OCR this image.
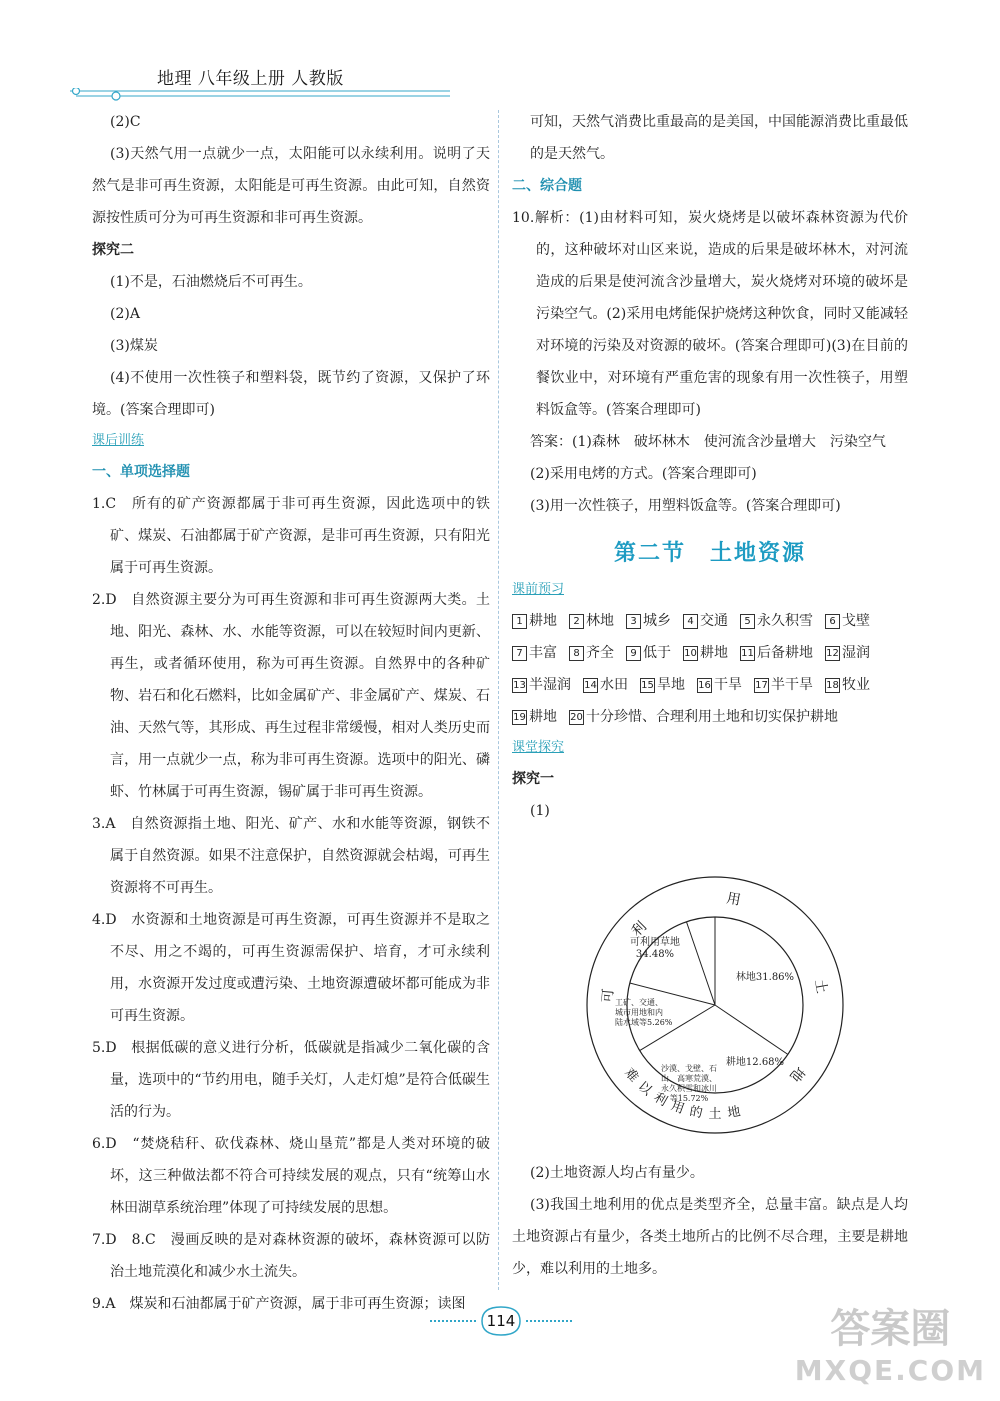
地理 八年级上册 人教版

(2)C

(3)天然气用一点就少一点，太阳能可以永续利用。说明了天然气是非可再生资源，太阳能是可再生资源。由此可知，自然资源按性质可分为可再生资源和非可再生资源。

探究二

(1)不是，石油燃烧后不可再生。

(2)A

(3)煤炭

(4)不使用一次性筷子和塑料袋，既节约了资源，又保护了环境。(答案合理即可)

课后训练
一、单项选择题

1.C　所有的矿产资源都属于非可再生资源，因此选项中的铁矿、煤炭、石油都属于矿产资源，是非可再生资源，只有阳光属于可再生资源。

2.D　自然资源主要分为可再生资源和非可再生资源两大类。土地、阳光、森林、水、水能等资源，可以在较短时间内更新、再生，或者循环使用，称为可再生资源。自然界中的各种矿物、岩石和化石燃料，比如金属矿产、非金属矿产、煤炭、石油、天然气等，其形成、再生过程非常缓慢，相对人类历史而言，用一点就少一点，称为非可再生资源。选项中的阳光、磷虾、竹林属于可再生资源，锡矿属于非可再生资源。

3.A　自然资源指土地、阳光、矿产、水和水能等资源，钢铁不属于自然资源。如果不注意保护，自然资源就会枯竭，可再生资源将不可再生。

4.D　水资源和土地资源是可再生资源，可再生资源并不是取之不尽、用之不竭的，可再生资源需保护、培育，才可永续利用，水资源开发过度或遭污染、土地资源遭破坏都可能成为非可再生资源。

5.D　根据低碳的意义进行分析，低碳就是指减少二氧化碳的含量，选项中的“节约用电，随手关灯，人走灯熄”是符合低碳生活的行为。

6.D　“焚烧秸秆、砍伐森林、烧山垦荒”都是人类对环境的破坏，这三种做法都不符合可持续发展的观点，只有“统筹山水林田湖草系统治理”体现了可持续发展的思想。

7.D　8.C　漫画反映的是对森林资源的破坏，森林资源可以防治土地荒漠化和减少水土流失。

9.A　煤炭和石油都属于矿产资源，属于非可再生资源；读图

可知，天然气消费比重最高的是美国，中国能源消费比重最低的是天然气。

二、综合题

10.解析：(1)由材料可知，炭火烧烤是以破坏森林资源为代价的，这种破坏对山区来说，造成的后果是破坏林木，对河流造成的后果是使河流含沙量增大，炭火烧烤对环境的破坏是污染空气。(2)采用电烤能保护烧烤这种饮食，同时又能减轻对环境的污染及对资源的破坏。(答案合理即可)(3)在目前的餐饮业中，对环境有严重危害的现象有用一次性筷子，用塑料饭盒等。(答案合理即可)

答案：(1)森林　破坏林木　使河流含沙量增大　污染空气

(2)采用电烤的方式。(答案合理即可)

(3)用一次性筷子，用塑料饭盒等。(答案合理即可)

第二节　土地资源
课前预习
1 耕地	2 林地	3 城乡	4 交通	5 永久积雪	6 戈壁
7 丰富	8 齐全	9 低于 10 耕地 11 后备耕地 12 湿润
13 半湿润 14 水田 15 旱地 16 干旱 17 半干旱 18 牧业
19 耕地 20 十分珍惜、合理利用土地和切实保护耕地
课堂探究

探究一

(1)

(2)土地资源人均占有量少。

(3)我国土地利用的优点是类型齐全，总量丰富。缺点是人均土地资源占有量少，各类土地所占的比例不尽合理，主要是耕地少，难以利用的土地多。

可利用草地 34.48%
林地31.86%
耕地12.68%
沙漠、戈壁、石山、高寒荒漠、永久积雪和冰川等15.72%
工矿、交通、城市用地和内陆水域等5.26%
用
土
地
利
可
难
以
利 用 的 土 地
114	答案圈
MXQE.COM
